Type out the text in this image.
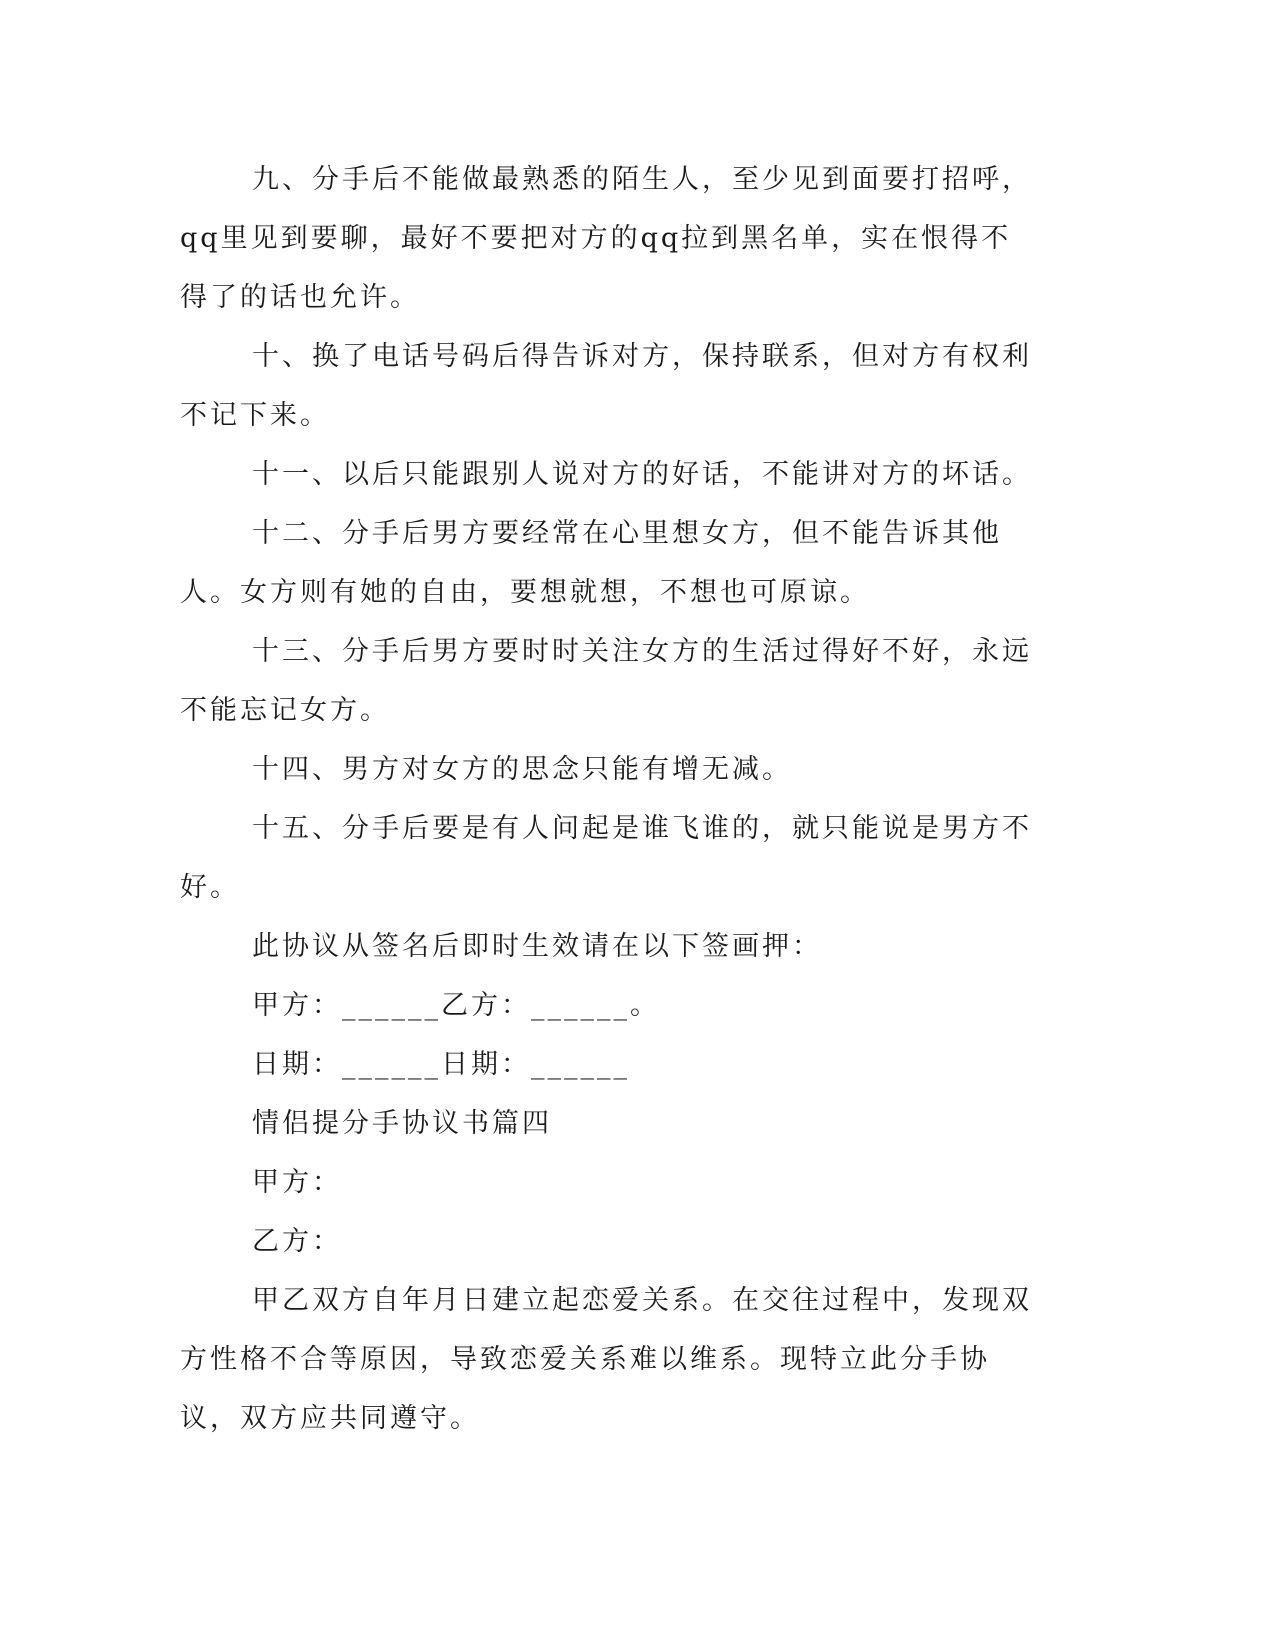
九、分手后不能做最熟悉的陌生人，至少见到面要打招呼，qq里见到要聊，最好不要把对方的qq拉到黑名单，实在恨得不得了的话也允许。

十、换了电话号码后得告诉对方，保持联系，但对方有权利不记下来。

十一、以后只能跟别人说对方的好话，不能讲对方的坏话。

十二、分手后男方要经常在心里想女方，但不能告诉其他人。女方则有她的自由，要想就想，不想也可原谅。

十三、分手后男方要时时关注女方的生活过得好不好，永远不能忘记女方。

十四、男方对女方的思念只能有增无减。

十五、分手后要是有人问起是谁飞谁的，就只能说是男方不好。

此协议从签名后即时生效请在以下签画押：

甲方：______乙方：______。

日期：______日期：______

情侣提分手协议书篇四

甲方：

乙方：

甲乙双方自年月日建立起恋爱关系。在交往过程中，发现双方性格不合等原因，导致恋爱关系难以维系。现特立此分手协议，双方应共同遵守。
